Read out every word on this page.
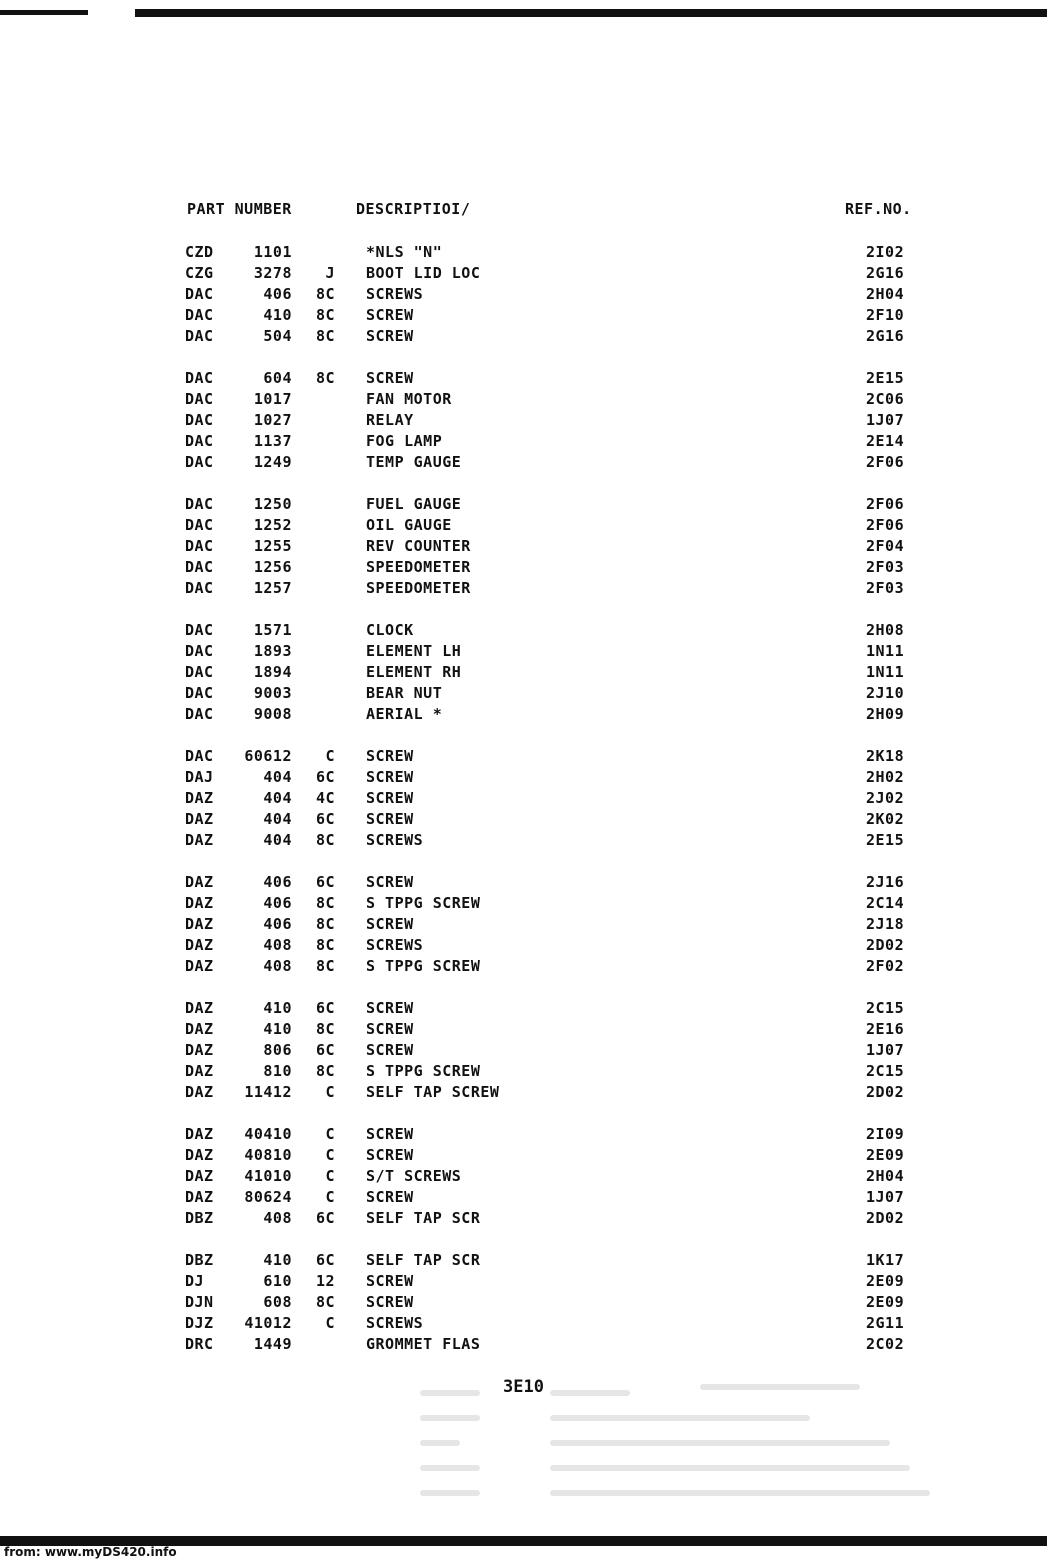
PART NUMBER	DESCRIPTIOI/	REF.NO.
CZD	1101	*NLS "N"	2I02
CZG	3278	J BOOT LID LOC	2G16
DAC	406	8C SCREWS	2H04
DAC	410	8C SCREW	2F10
DAC	504	8C SCREW	2G16
DAC	604	8C SCREW	2E15
DAC	1017	FAN MOTOR	2C06
DAC	1027	RELAY	1J07
DAC	1137	FOG LAMP	2E14
DAC	1249	TEMP GAUGE	2F06
DAC	1250	FUEL GAUGE	2F06
DAC	1252	OIL GAUGE	2F06
DAC	1255	REV COUNTER	2F04
DAC	1256	SPEEDOMETER	2F03
DAC	1257	SPEEDOMETER	2F03
DAC	1571	CLOCK	2H08
DAC	1893	ELEMENT LH	1N11
DAC	1894	ELEMENT RH	1N11
DAC	9003	BEAR NUT	2J10
DAC	9008	AERIAL *	2H09
DAC	60612	C SCREW	2K18
DAJ	404	6C SCREW	2H02
DAZ	404	4C SCREW	2J02
DAZ	404	6C SCREW	2K02
DAZ	404	8C SCREWS	2E15
DAZ	406	6C SCREW	2J16
DAZ	406	8C S TPPG SCREW	2C14
DAZ	406	8C SCREW	2J18
DAZ	408	8C SCREWS	2D02
DAZ	408	8C S TPPG SCREW	2F02
DAZ	410	6C SCREW	2C15
DAZ	410	8C SCREW	2E16
DAZ	806	6C SCREW	1J07
DAZ	810	8C S TPPG SCREW	2C15
DAZ	11412	C SELF TAP SCREW	2D02
DAZ	40410	C SCREW	2I09
DAZ	40810	C SCREW	2E09
DAZ	41010	C S/T SCREWS	2H04
DAZ	80624	C SCREW	1J07
DBZ	408	6C SELF TAP SCR	2D02
DBZ	410	6C SELF TAP SCR	1K17
DJ	610	12 SCREW	2E09
DJN	608	8C SCREW	2E09
DJZ	41012	C SCREWS	2G11
DRC	1449	GROMMET FLAS	2C02
3E10
from: www.myDS420.info
